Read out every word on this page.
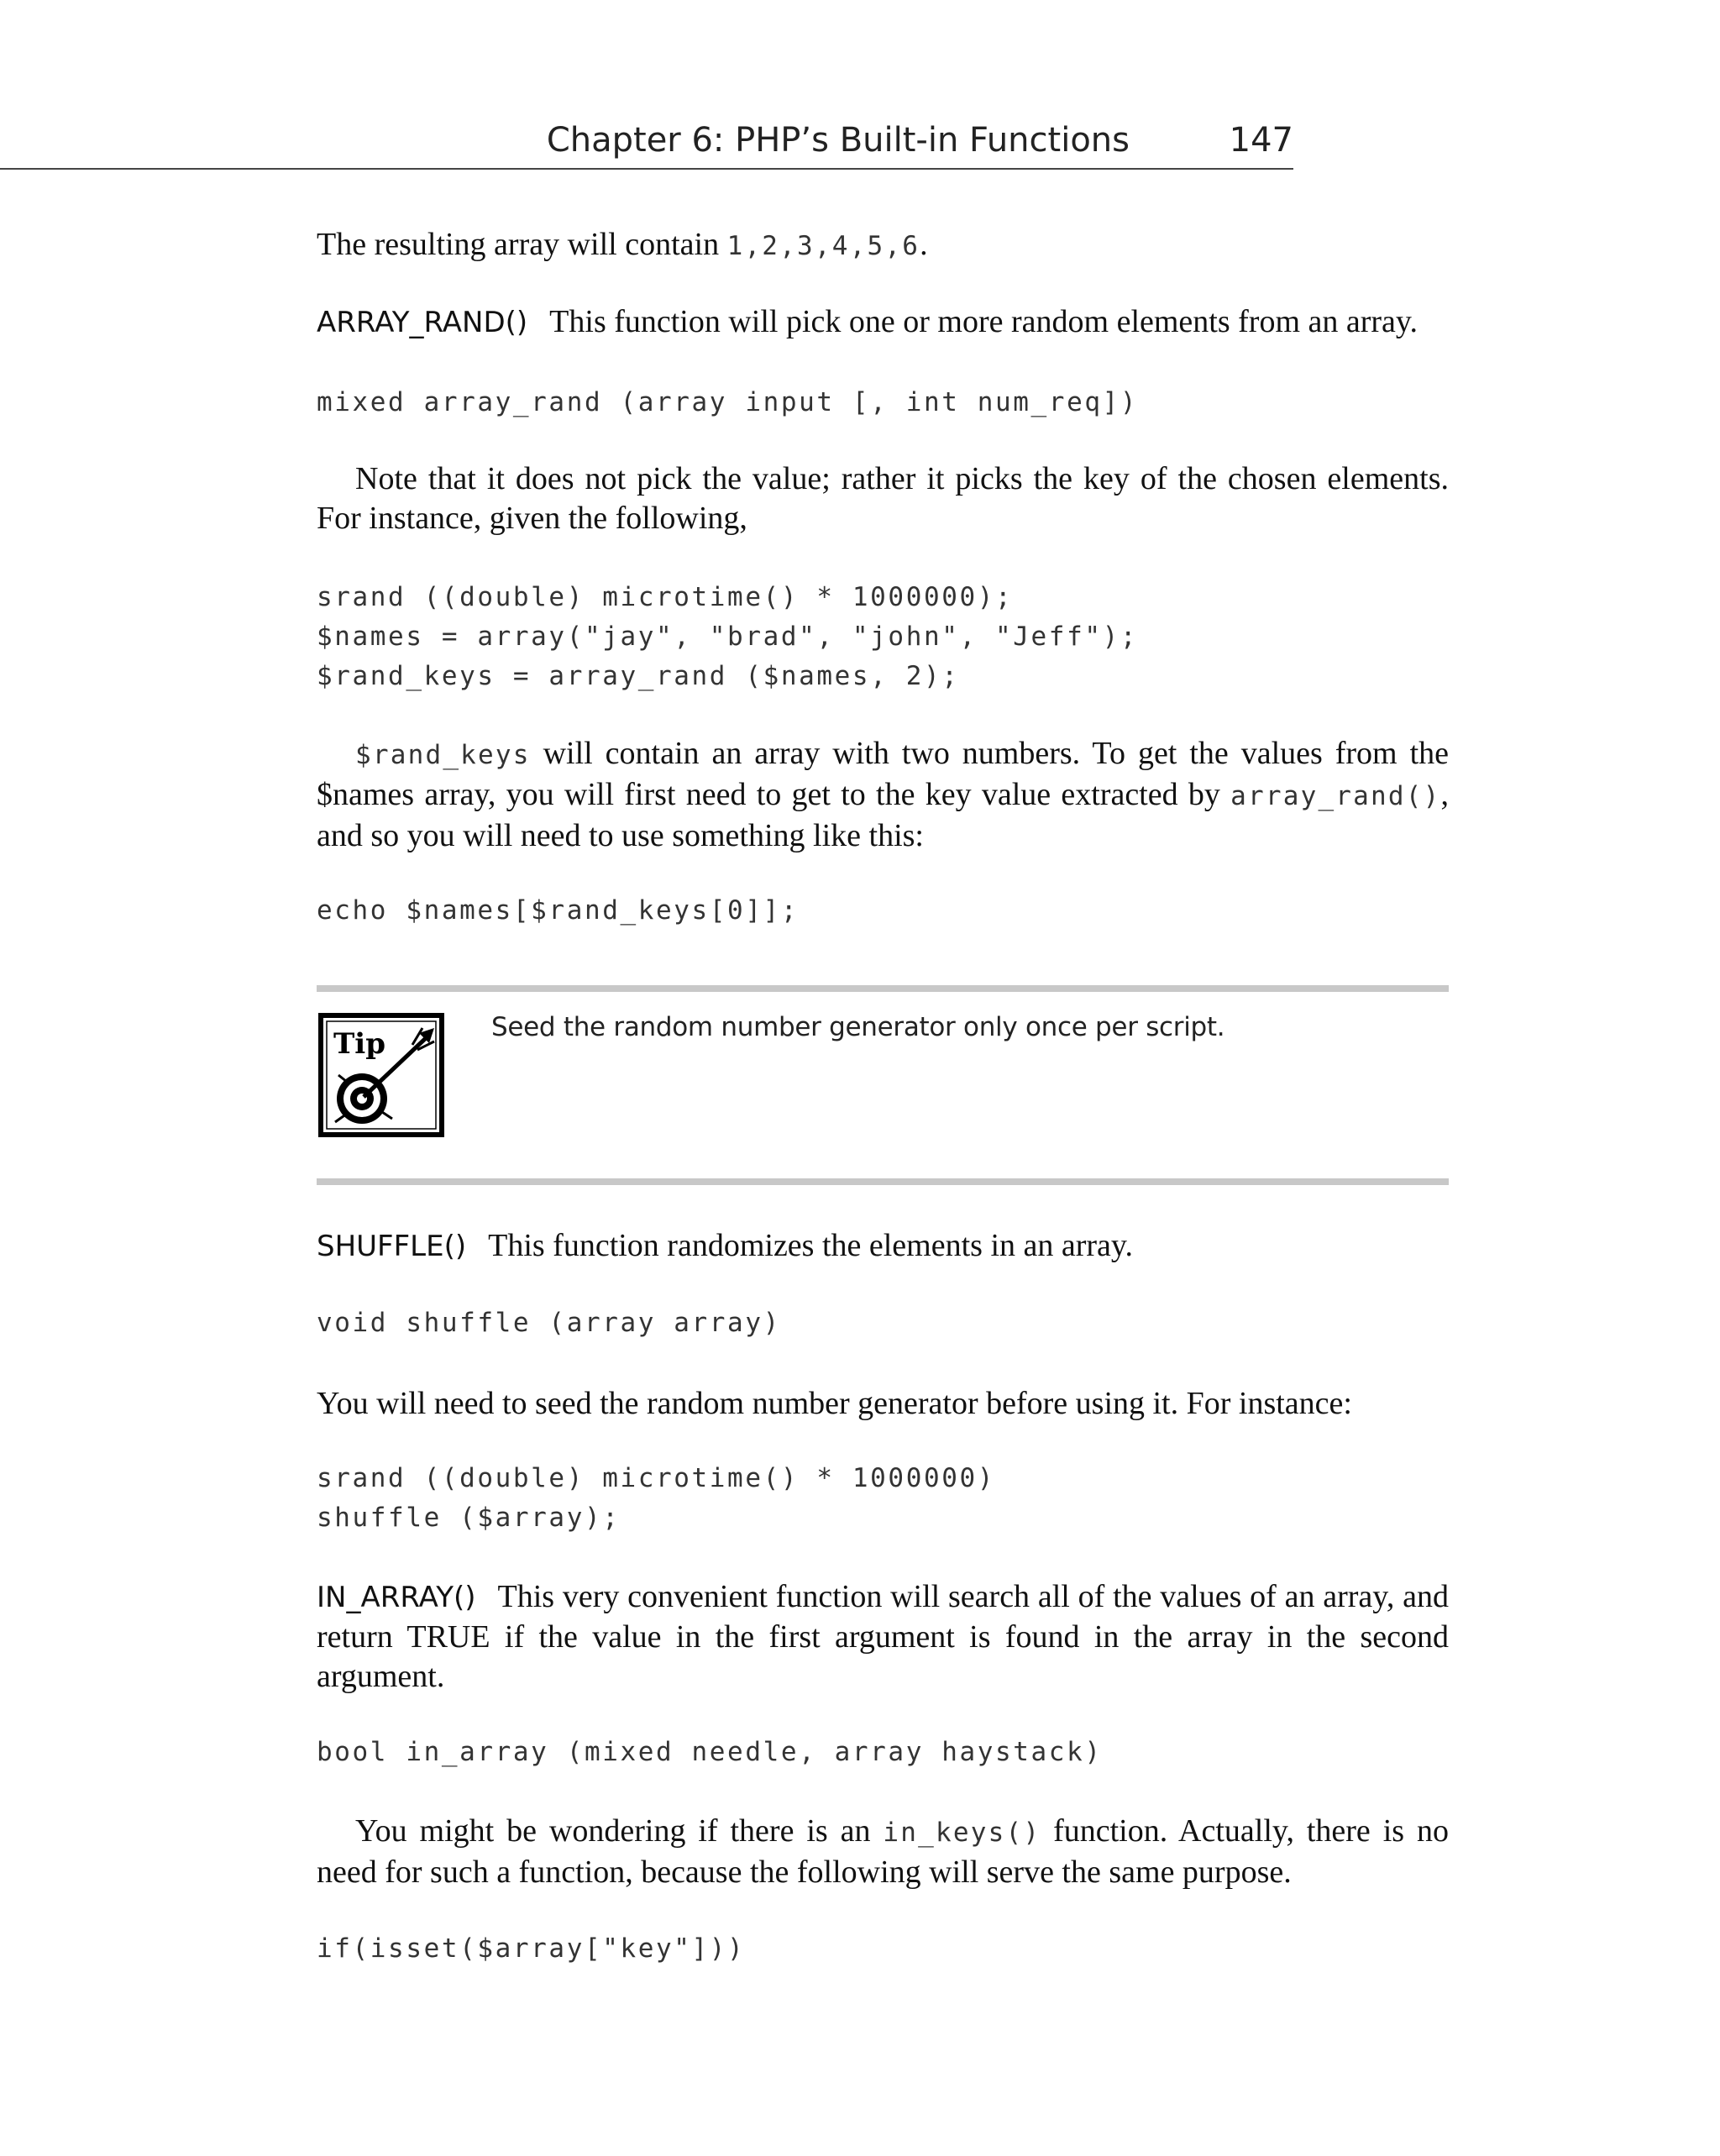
Chapter 6: PHP’s Built-in Functions	147

The resulting array will contain 1,2,3,4,5,6.

ARRAY_RAND() This function will pick one or more random elements from an array.

mixed array_rand (array input [, int num_req])

Note that it does not pick the value; rather it picks the key of the chosen elements. For instance, given the following,

srand ((double) microtime() * 1000000);
$names = array("jay", "brad", "john", "Jeff");
$rand_keys = array_rand ($names, 2);

$rand_keys will contain an array with two numbers. To get the values from the $names array, you will first need to get to the key value extracted by array_rand(), and so you will need to use something like this:

echo $names[$rand_keys[0]];
Tip	Seed the random number generator only once per script.

SHUFFLE() This function randomizes the elements in an array.

void shuffle (array array)

You will need to seed the random number generator before using it. For instance:

srand ((double) microtime() * 1000000)
shuffle ($array);

IN_ARRAY() This very convenient function will search all of the values of an array, and return TRUE if the value in the first argument is found in the array in the second argument.

bool in_array (mixed needle, array haystack)

You might be wondering if there is an in_keys() function. Actually, there is no need for such a function, because the following will serve the same purpose.

if(isset($array["key"]))
